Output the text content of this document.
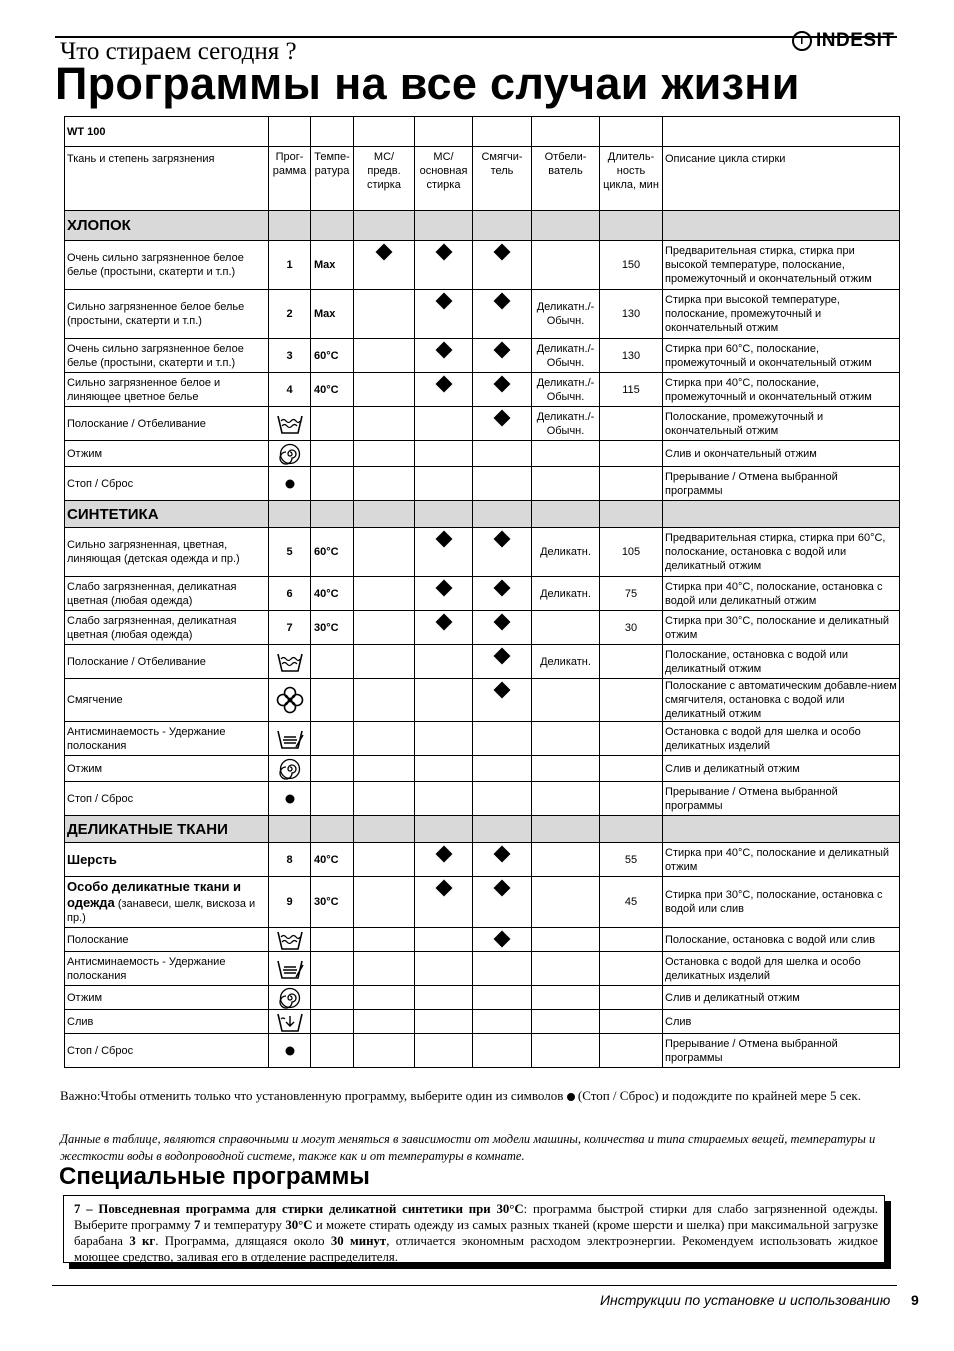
Что стираем сегодня ?	i INDESIT
Программы на все случаи жизни
WT 100								
Ткань и степень загрязнения	Прог-рамма	Темпе-ратура	МС/ предв. стирка	МС/ основная стирка	Смягчи-тель	Отбели-ватель	Длитель-ность цикла, мин	Описание цикла стирки
ХЛОПОК								
Очень сильно загрязненное белое белье (простыни, скатерти и т.п.)	1	Max					150	Предварительная стирка, стирка при высокой температуре, полоскание, промежуточный и окончательный отжим
Сильно загрязненное белое белье (простыни, скатерти и т.п.)	2	Max				Деликатн./- Обычн.	130	Стирка при высокой температуре, полоскание, промежуточный и окончательный отжим
Очень сильно загрязненное белое белье (простыни, скатерти и т.п.)	3	60°C				Деликатн./- Обычн.	130	Стирка при 60°C, полоскание, промежуточный и окончательный отжим
Сильно загрязненное белое и линяющее цветное белье	4	40°C				Деликатн./- Обычн.	115	Стирка при 40°C, полоскание, промежуточный и окончательный отжим
Полоскание / Отбеливание						Деликатн./- Обычн.		Полоскание, промежуточный и окончательный отжим
Отжим								Слив и окончательный отжим
Стоп / Сброс								Прерывание / Отмена выбранной программы
СИНТЕТИКА								
Сильно загрязненная, цветная, линяющая (детская одежда и пр.)	5	60°C				Деликатн.	105	Предварительная стирка, стирка при 60°C, полоскание, остановка с водой или деликатный отжим
Слабо загрязненная, деликатная цветная (любая одежда)	6	40°C				Деликатн.	75	Стирка при 40°C, полоскание, остановка с водой или деликатный отжим
Слабо загрязненная, деликатная цветная (любая одежда)	7	30°C					30	Стирка при 30°C, полоскание и деликатный отжим
Полоскание / Отбеливание						Деликатн.		Полоскание, остановка с водой или деликатный отжим
Смягчение								Полоскание с автоматическим добавле-нием смягчителя, остановка с водой или деликатный отжим
Антисминаемость - Удержание полоскания								Остановка с водой для шелка и особо деликатных изделий
Отжим								Слив и деликатный отжим
Стоп / Сброс								Прерывание / Отмена выбранной программы
ДЕЛИКАТНЫЕ ТКАНИ								
Шерсть	8	40°C					55	Стирка при 40°C, полоскание и деликатный отжим
Особо деликатные ткани и одежда (занавеси, шелк, вискоза и пр.)	9	30°C					45	Стирка при 30°C, полоскание, остановка с водой или слив
Полоскание								Полоскание, остановка с водой или слив
Антисминаемость - Удержание полоскания								Остановка с водой для шелка и особо деликатных изделий
Отжим								Слив и деликатный отжим
Слив								Слив
Стоп / Сброс								Прерывание / Отмена выбранной программы
Важно:Чтобы отменить только что установленную программу, выберите один из символов (Стоп / Сброс) и подождите по крайней мере 5 сек.
Данные в таблице, являются справочными и могут меняться в зависимости от модели машины, количества и типа стираемых вещей, температуры и жесткости воды в водопроводной системе, также как и от температуры в комнате.
Специальные программы
7 – Повседневная программа для стирки деликатной синтетики при 30°C: программа быстрой стирки для слабо загрязненной одежды. Выберите программу 7 и температуру 30°C и можете стирать одежду из самых разных тканей (кроме шерсти и шелка) при максимальной загрузке барабана 3 кг. Программа, длящаяся около 30 минут, отличается экономным расходом электроэнергии. Рекомендуем использовать жидкое моющее средство, заливая его в отделение распределителя.
Инструкции по установке и использованию 9
